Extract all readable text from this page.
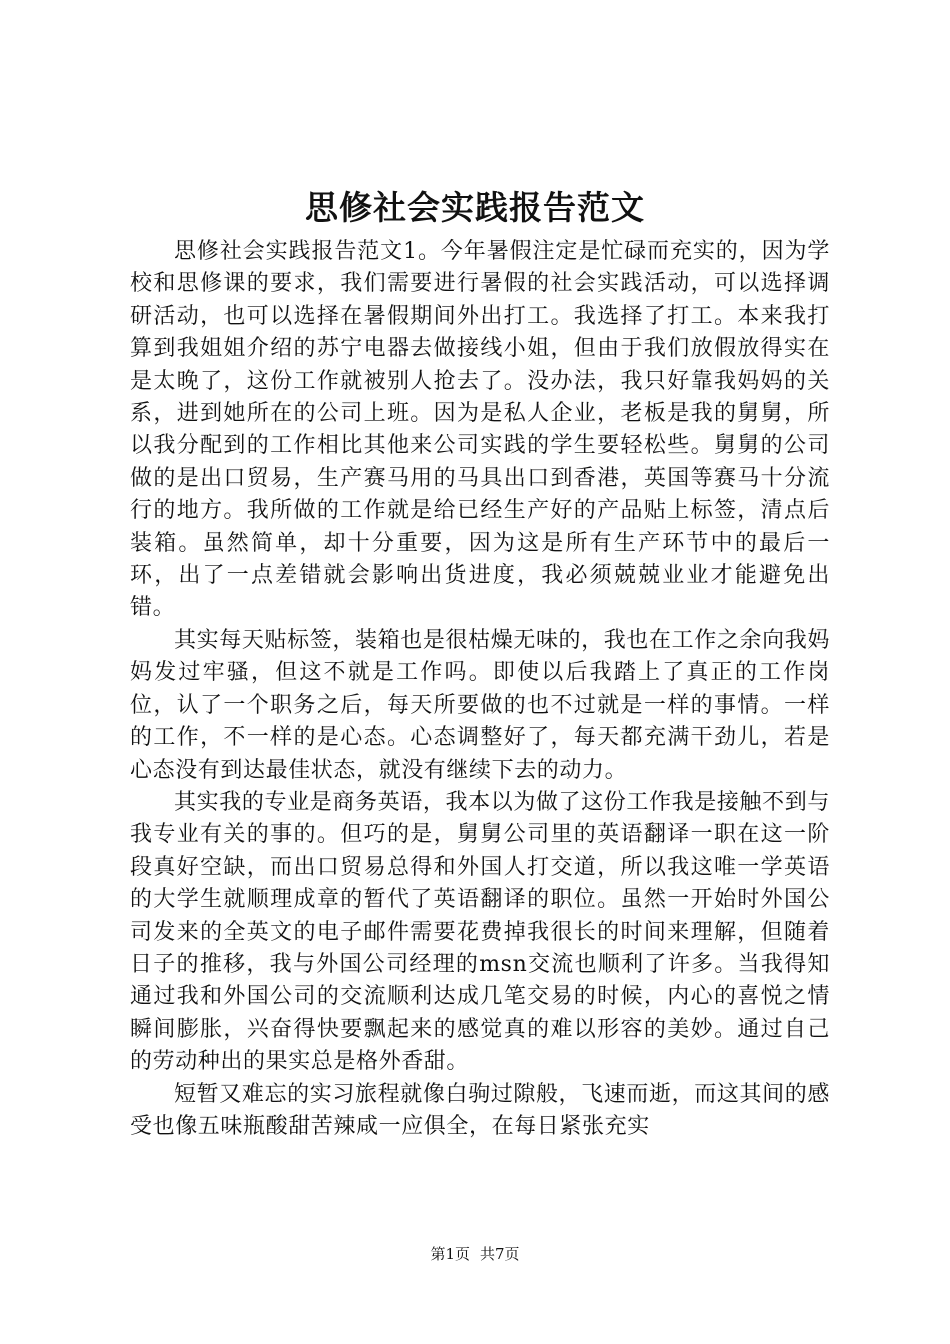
思修社会实践报告范文

思修社会实践报告范文1。今年暑假注定是忙碌而充实的，因为学校和思修课的要求，我们需要进行暑假的社会实践活动，可以选择调研活动，也可以选择在暑假期间外出打工。我选择了打工。本来我打算到我姐姐介绍的苏宁电器去做接线小姐，但由于我们放假放得实在是太晚了，这份工作就被别人抢去了。没办法，我只好靠我妈妈的关系，进到她所在的公司上班。因为是私人企业，老板是我的舅舅，所以我分配到的工作相比其他来公司实践的学生要轻松些。舅舅的公司做的是出口贸易，生产赛马用的马具出口到香港，英国等赛马十分流行的地方。我所做的工作就是给已经生产好的产品贴上标签，清点后装箱。虽然简单，却十分重要，因为这是所有生产环节中的最后一环，出了一点差错就会影响出货进度，我必须兢兢业业才能避免出错。

其实每天贴标签，装箱也是很枯燥无味的，我也在工作之余向我妈妈发过牢骚，但这不就是工作吗。即使以后我踏上了真正的工作岗位，认了一个职务之后，每天所要做的也不过就是一样的事情。一样的工作，不一样的是心态。心态调整好了，每天都充满干劲儿，若是心态没有到达最佳状态，就没有继续下去的动力。

其实我的专业是商务英语，我本以为做了这份工作我是接触不到与我专业有关的事的。但巧的是，舅舅公司里的英语翻译一职在这一阶段真好空缺，而出口贸易总得和外国人打交道，所以我这唯一学英语的大学生就顺理成章的暂代了英语翻译的职位。虽然一开始时外国公司发来的全英文的电子邮件需要花费掉我很长的时间来理解，但随着日子的推移，我与外国公司经理的msn交流也顺利了许多。当我得知通过我和外国公司的交流顺利达成几笔交易的时候，内心的喜悦之情瞬间膨胀，兴奋得快要飘起来的感觉真的难以形容的美妙。通过自己的劳动种出的果实总是格外香甜。

短暂又难忘的实习旅程就像白驹过隙般，飞速而逝，而这其间的感受也像五味瓶酸甜苦辣咸一应俱全，在每日紧张充实

第1页 共7页
